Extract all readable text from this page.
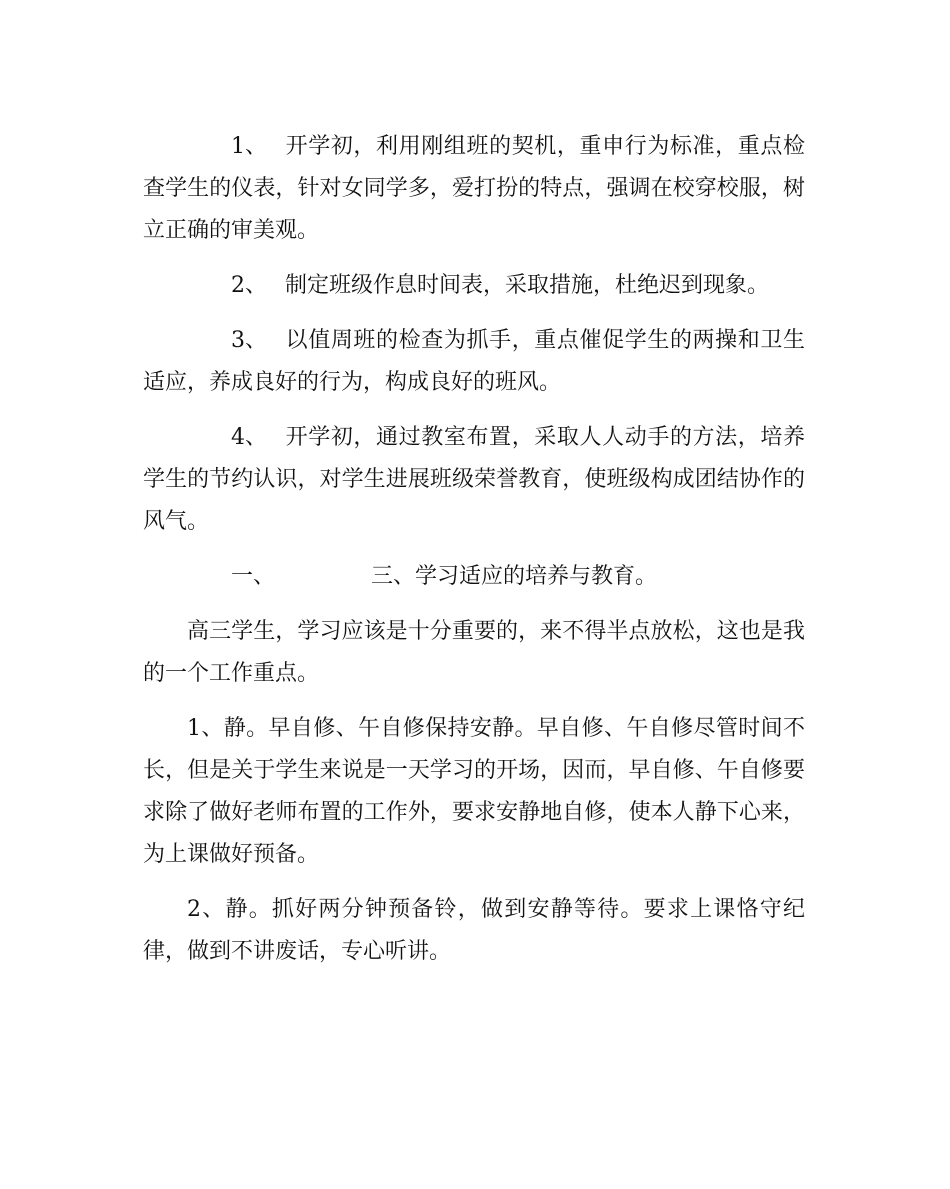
1、 开学初，利用刚组班的契机，重申行为标准，重点检查学生的仪表，针对女同学多，爱打扮的特点，强调在校穿校服，树立正确的审美观。

2、 制定班级作息时间表，采取措施，杜绝迟到现象。

3、 以值周班的检查为抓手，重点催促学生的两操和卫生适应，养成良好的行为，构成良好的班风。

4、 开学初，通过教室布置，采取人人动手的方法，培养学生的节约认识，对学生进展班级荣誉教育，使班级构成团结协作的风气。

一、	三、学习适应的培养与教育。

高三学生，学习应该是十分重要的，来不得半点放松，这也是我的一个工作重点。

1、静。早自修、午自修保持安静。早自修、午自修尽管时间不长，但是关于学生来说是一天学习的开场，因而，早自修、午自修要求除了做好老师布置的工作外，要求安静地自修，使本人静下心来，为上课做好预备。

2、静。抓好两分钟预备铃，做到安静等待。要求上课恪守纪律，做到不讲废话，专心听讲。
